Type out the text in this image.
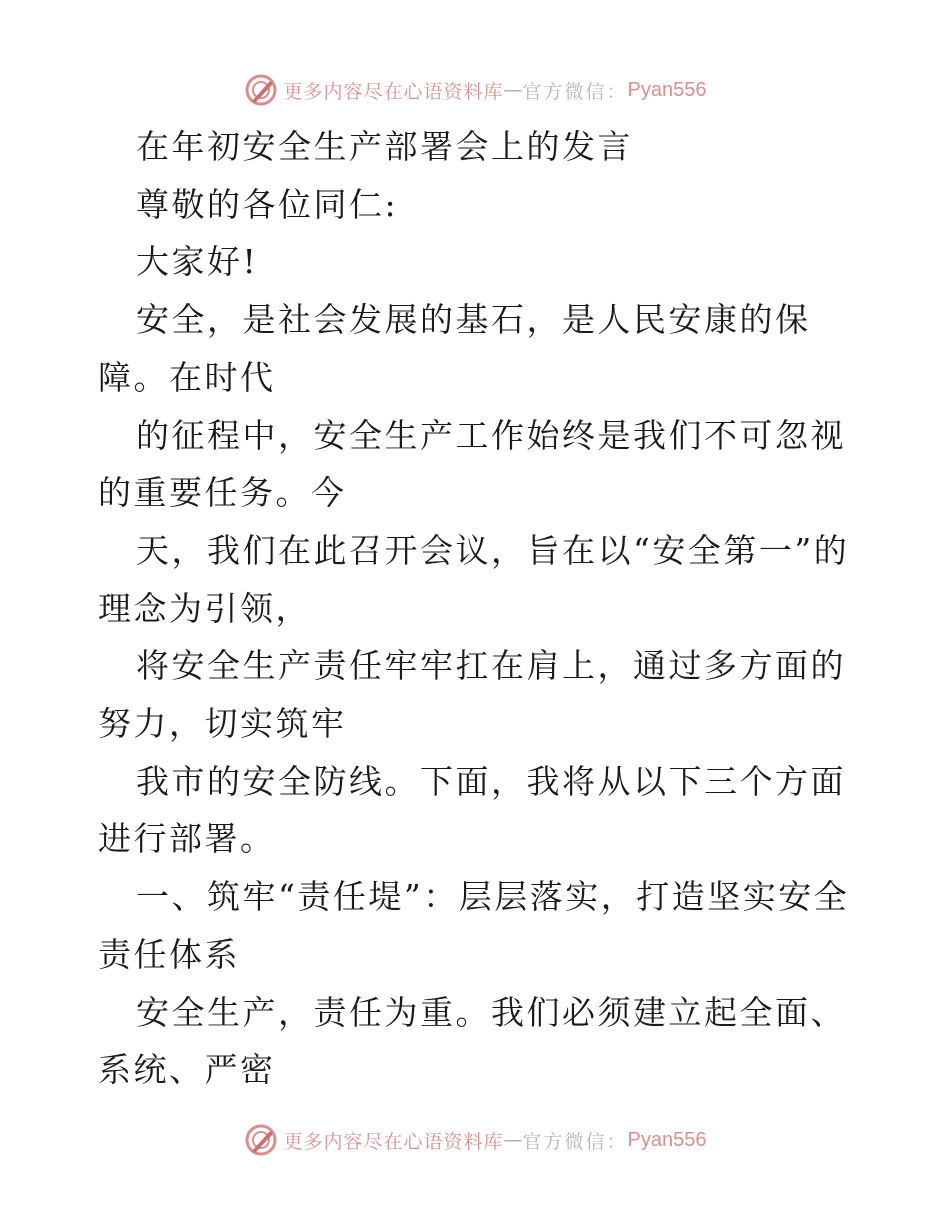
更多内容尽在心语资料库 — 官方微信： Pyan556

在年初安全生产部署会上的发言

尊敬的各位同仁:

大家好!

安全，是社会发展的基石，是人民安康的保障。在时代

的征程中，安全生产工作始终是我们不可忽视的重要任务。今

天，我们在此召开会议，旨在以“安全第一”的理念为引领，

将安全生产责任牢牢扛在肩上，通过多方面的努力，切实筑牢

我市的安全防线。下面，我将从以下三个方面进行部署。

一、筑牢“责任堤”：层层落实，打造坚实安全责任体系

安全生产，责任为重。我们必须建立起全面、系统、严密

更多内容尽在心语资料库 — 官方微信： Pyan556
